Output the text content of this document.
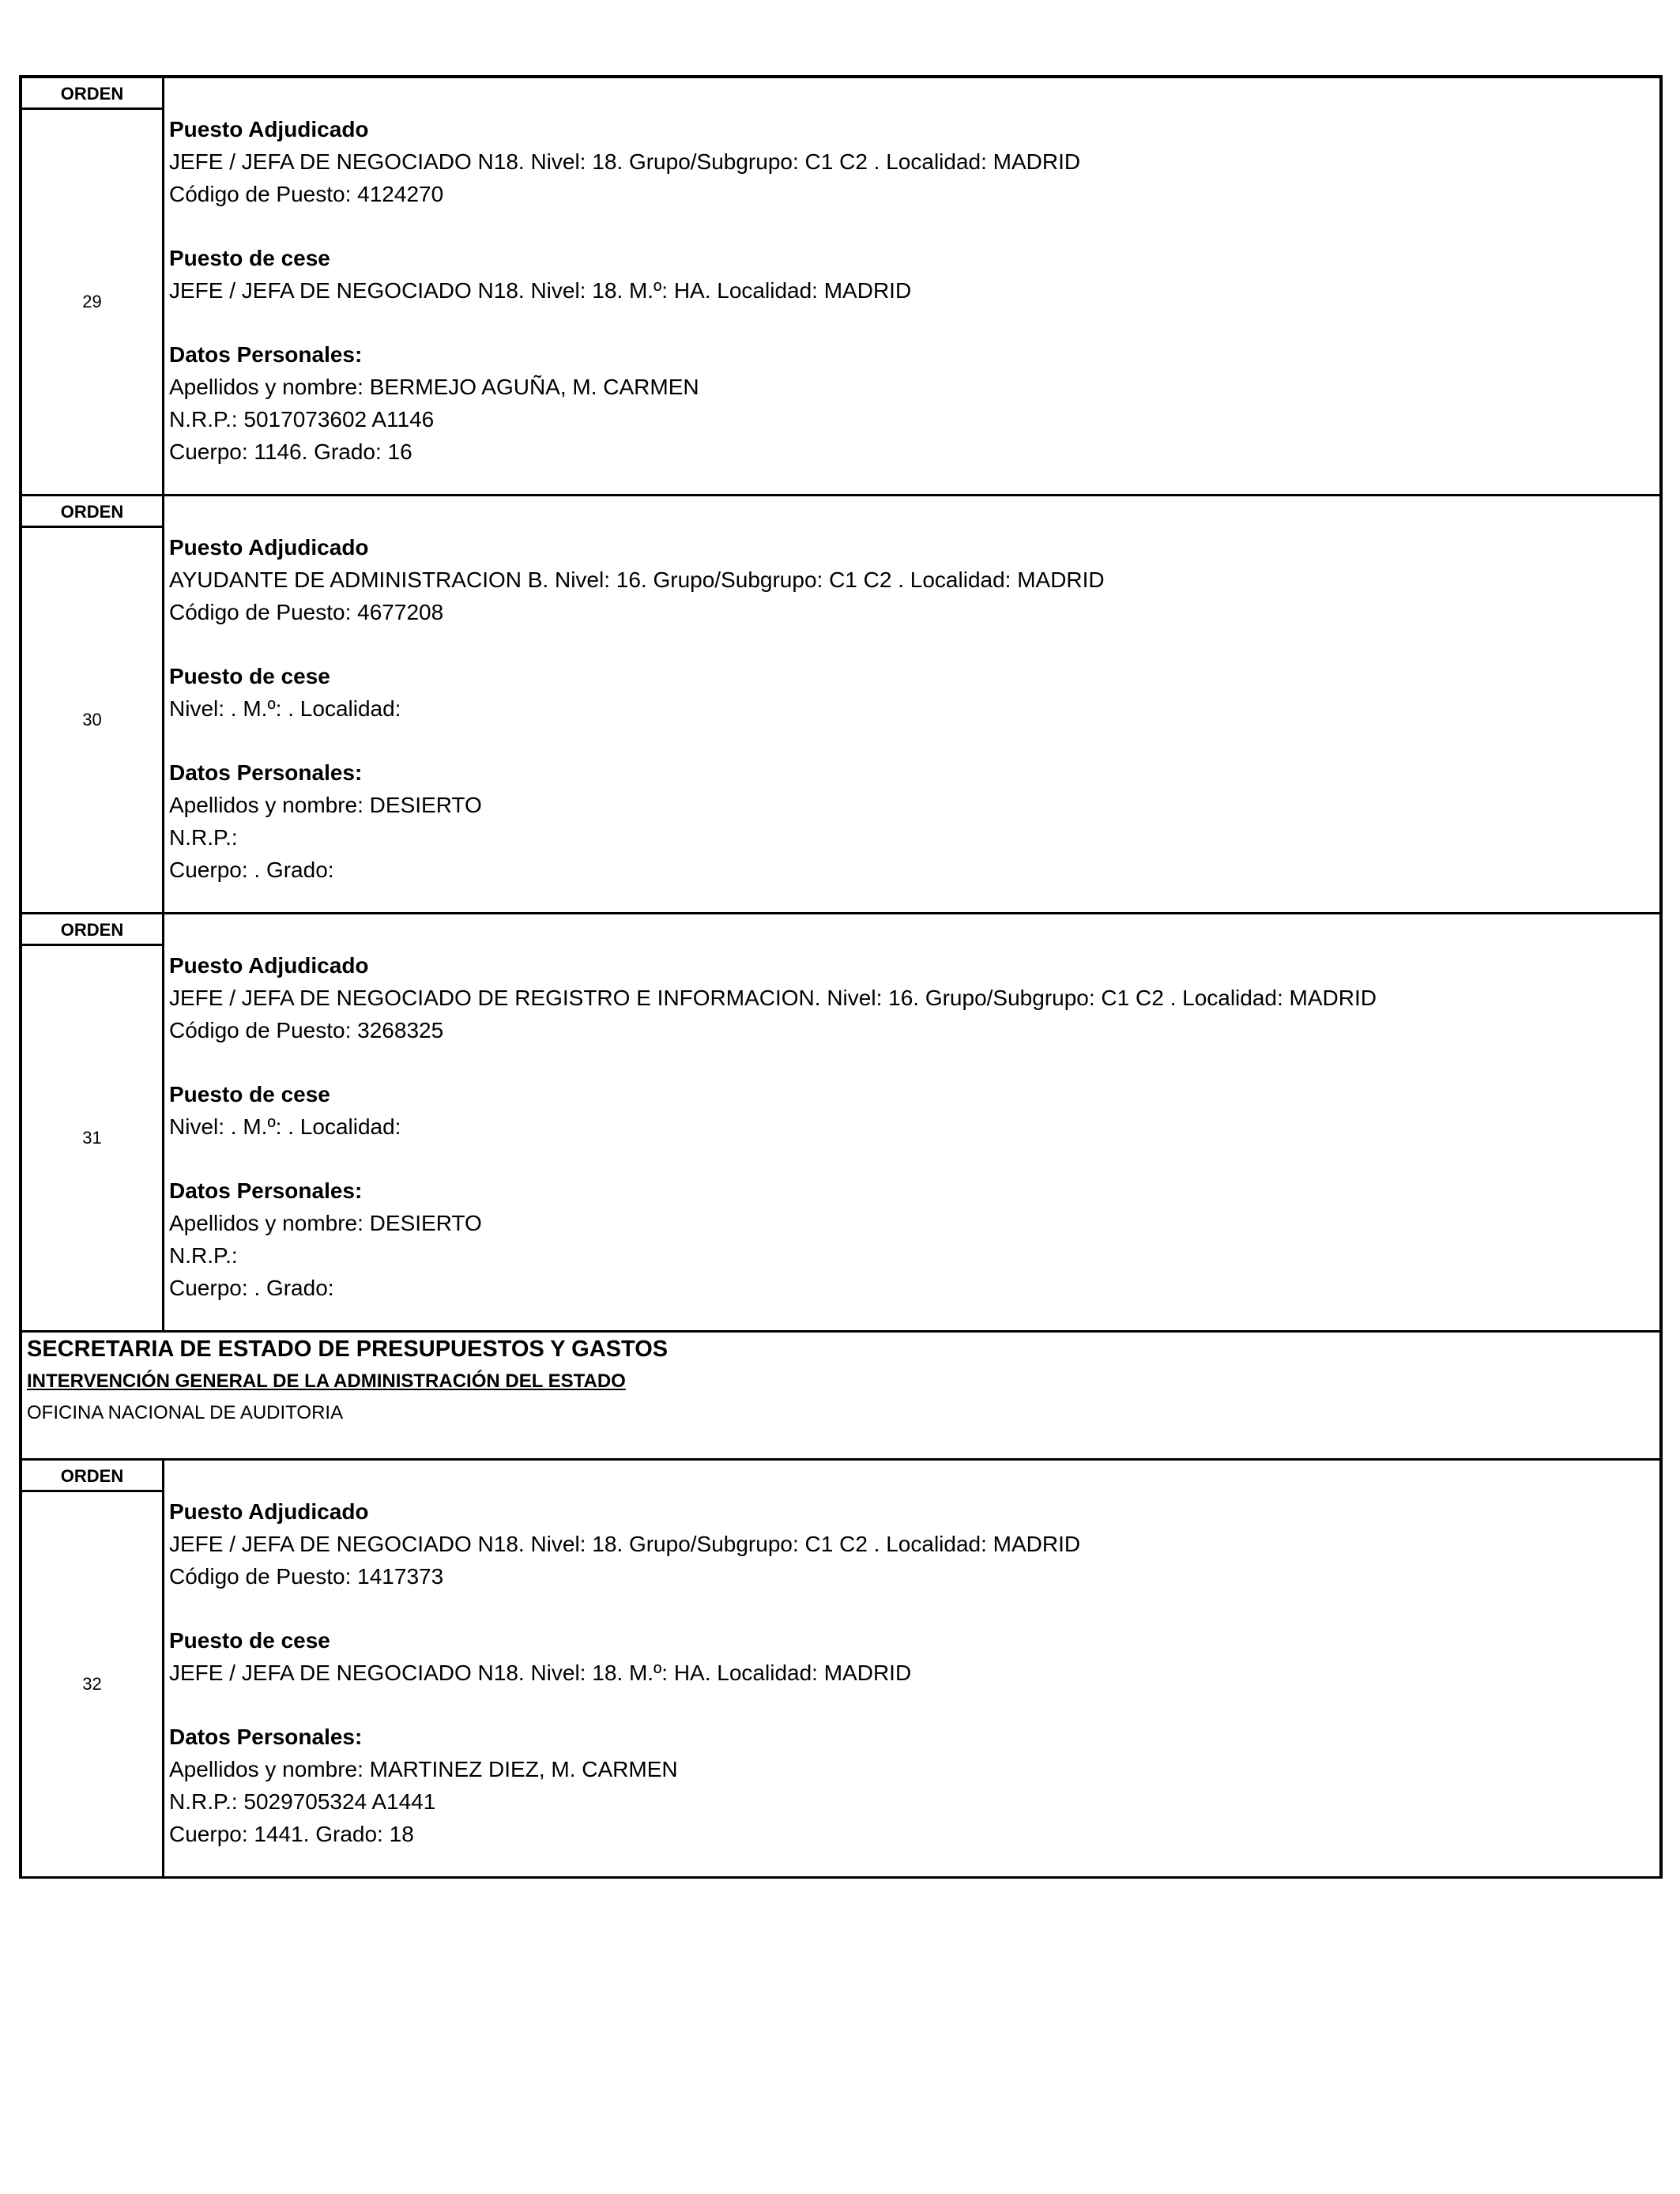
ORDEN
29
Puesto Adjudicado
JEFE / JEFA DE NEGOCIADO N18. Nivel: 18. Grupo/Subgrupo: C1 C2 . Localidad: MADRID
Código de Puesto: 4124270
Puesto de cese
JEFE / JEFA DE NEGOCIADO N18. Nivel: 18. M.º: HA. Localidad: MADRID
Datos Personales:
Apellidos y nombre: BERMEJO AGUÑA, M. CARMEN
N.R.P.: 5017073602 A1146
Cuerpo: 1146. Grado: 16
ORDEN
30
Puesto Adjudicado
AYUDANTE DE ADMINISTRACION B. Nivel: 16. Grupo/Subgrupo: C1 C2 . Localidad: MADRID
Código de Puesto: 4677208
Puesto de cese
Nivel: . M.º: . Localidad:
Datos Personales:
Apellidos y nombre: DESIERTO
N.R.P.:
Cuerpo: . Grado:
ORDEN
31
Puesto Adjudicado
JEFE / JEFA DE NEGOCIADO DE REGISTRO E INFORMACION. Nivel: 16. Grupo/Subgrupo: C1 C2 . Localidad: MADRID
Código de Puesto: 3268325
Puesto de cese
Nivel: . M.º: . Localidad:
Datos Personales:
Apellidos y nombre: DESIERTO
N.R.P.:
Cuerpo: . Grado:
SECRETARIA DE ESTADO DE PRESUPUESTOS Y GASTOS
INTERVENCIÓN GENERAL DE LA ADMINISTRACIÓN DEL ESTADO
OFICINA NACIONAL DE AUDITORIA
ORDEN
32
Puesto Adjudicado
JEFE / JEFA DE NEGOCIADO N18. Nivel: 18. Grupo/Subgrupo: C1 C2 . Localidad: MADRID
Código de Puesto: 1417373
Puesto de cese
JEFE / JEFA DE NEGOCIADO N18. Nivel: 18. M.º: HA. Localidad: MADRID
Datos Personales:
Apellidos y nombre: MARTINEZ DIEZ, M. CARMEN
N.R.P.: 5029705324 A1441
Cuerpo: 1441. Grado: 18
